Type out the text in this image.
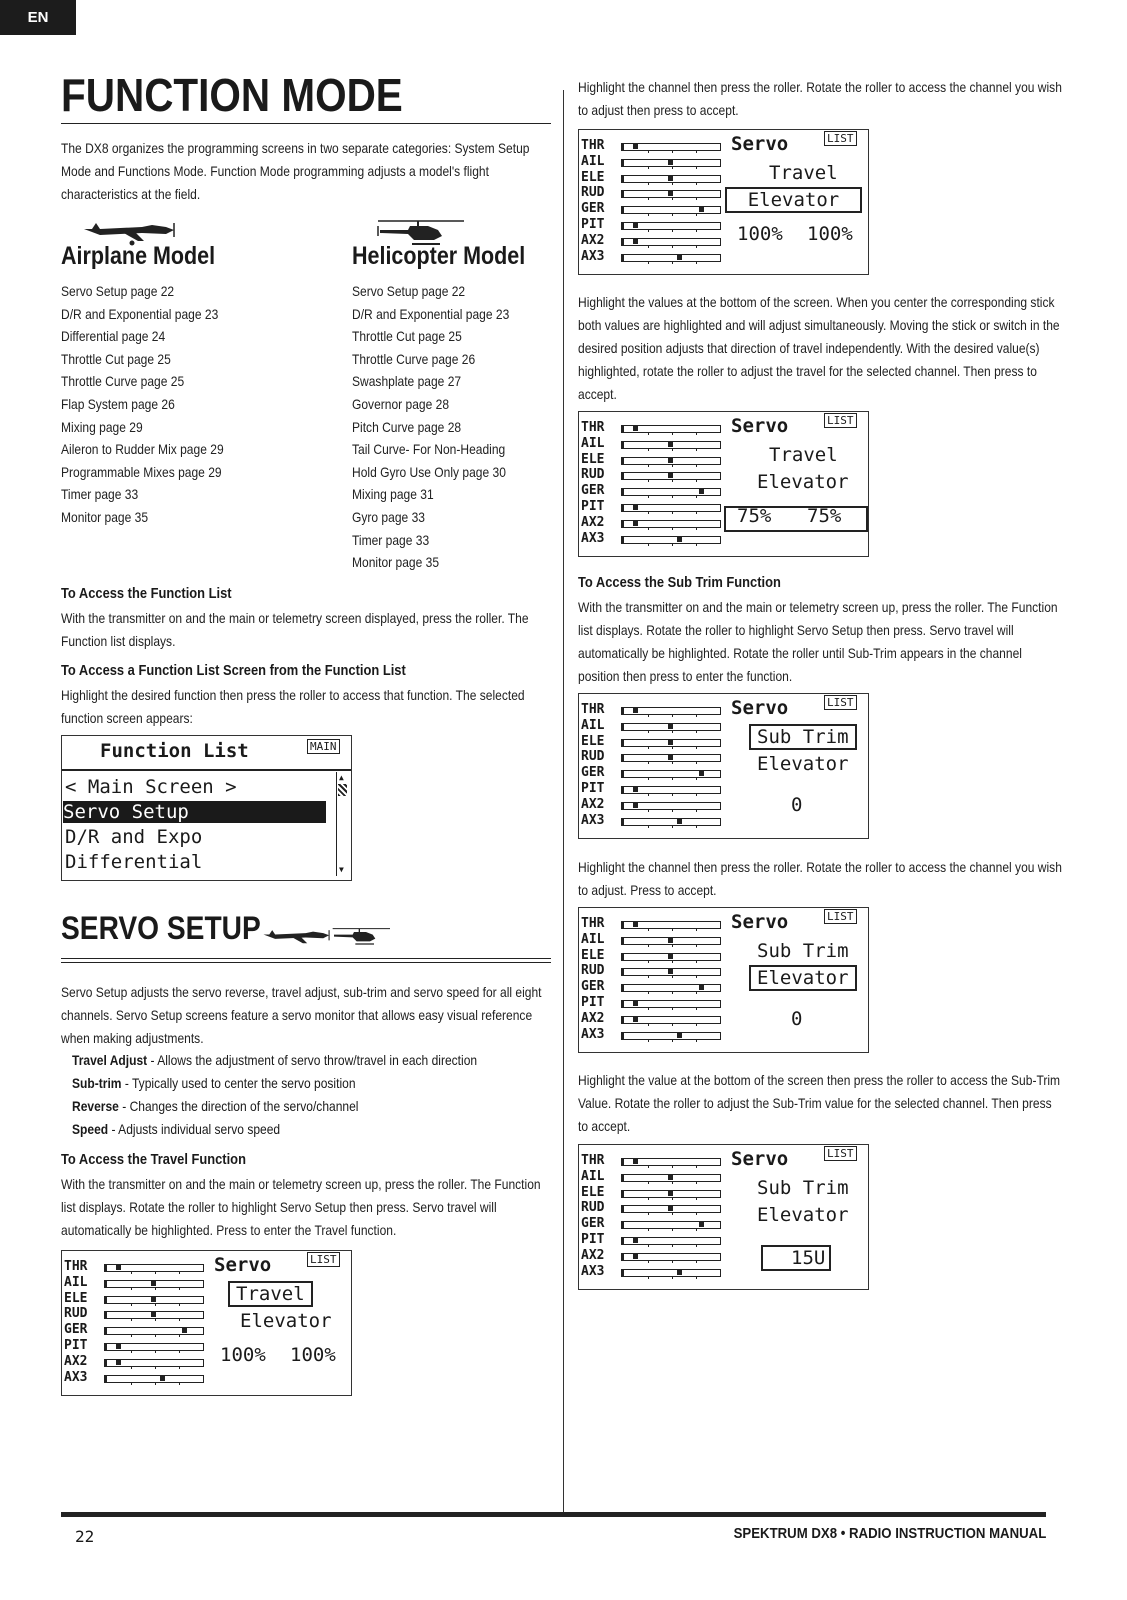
EN
FUNCTION MODE
The DX8 organizes the programming screens in two separate categories: System Setup Mode and Functions Mode. Function Mode programming adjusts a model's flight characteristics at the field.
Airplane Model	Helicopter Model
Servo Setup page 22
D/R and Exponential page 23
Differential page 24
Throttle Cut page 25
Throttle Curve page 25
Flap System page 26
Mixing page 29
Aileron to Rudder Mix page 29
Programmable Mixes page 29
Timer page 33
Monitor page 35
Servo Setup page 22
D/R and Exponential page 23
Throttle Cut page 25
Throttle Curve page 26
Swashplate page 27
Governor page 28
Pitch Curve page 28
Tail Curve- For Non-Heading
Hold Gyro Use Only page 30
Mixing page 31
Gyro page 33
Timer page 33
Monitor page 35
To Access the Function List
With the transmitter on and the main or telemetry screen displayed, press the roller. The Function list displays.
To Access a Function List Screen from the Function List
Highlight the desired function then press the roller to access that function. The selected function screen appears:
Function List	MAIN
< Main Screen >
Servo Setup
D/R and Expo
Differential
▲
▼
SERVO SETUP
Servo Setup adjusts the servo reverse, travel adjust, sub-trim and servo speed for all eight channels. Servo Setup screens feature a servo monitor that allows easy visual reference when making adjustments.
Travel Adjust - Allows the adjustment of servo throw/travel in each direction
Sub-trim - Typically used to center the servo position
Reverse - Changes the direction of the servo/channel
Speed - Adjusts individual servo speed
To Access the Travel Function
With the transmitter on and the main or telemetry screen up, press the roller. The Function list displays. Rotate the roller to highlight Servo Setup then press. Servo travel will automatically be highlighted. Press to enter the Travel function.
Highlight the channel then press the roller. Rotate the roller to access the channel you wish to adjust then press to accept.
Highlight the values at the bottom of the screen. When you center the corresponding stick both values are highlighted and will adjust simultaneously. Moving the stick or switch in the desired position adjusts that direction of travel independently. With the desired value(s) highlighted, rotate the roller to adjust the travel for the selected channel. Then press to accept.
To Access the Sub Trim Function
With the transmitter on and the main or telemetry screen up, press the roller. The Function list displays. Rotate the roller to highlight Servo Setup then press. Servo travel will automatically be highlighted. Rotate the roller until Sub-Trim appears in the channel position then press to enter the function.
Highlight the channel then press the roller. Rotate the roller to access the channel you wish to adjust. Press to accept.
Highlight the value at the bottom of the screen then press the roller to access the Sub-Trim Value. Rotate the roller to adjust the Sub-Trim value for the selected channel. Then press to accept.
THR
AIL
ELE
RUD
GER
PIT
AX2
AX3
Servo	LIST
Travel
Elevator
100% 100%
THR
AIL
ELE
RUD
GER
PIT
AX2
AX3
Servo	LIST
Travel
Elevator
100% 100%
THR
AIL
ELE
RUD
GER
PIT
AX2
AX3
Servo	LIST
Travel
Elevator
75% 75%
THR
AIL
ELE
RUD
GER
PIT
AX2
AX3
Servo	LIST
Sub Trim
Elevator
0
THR
AIL
ELE
RUD
GER
PIT
AX2
AX3
Servo	LIST
Sub Trim
Elevator
0
THR
AIL
ELE
RUD
GER
PIT
AX2
AX3
Servo	LIST
Sub Trim
Elevator
15U
22	SPEKTRUM DX8 • RADIO INSTRUCTION MANUAL
